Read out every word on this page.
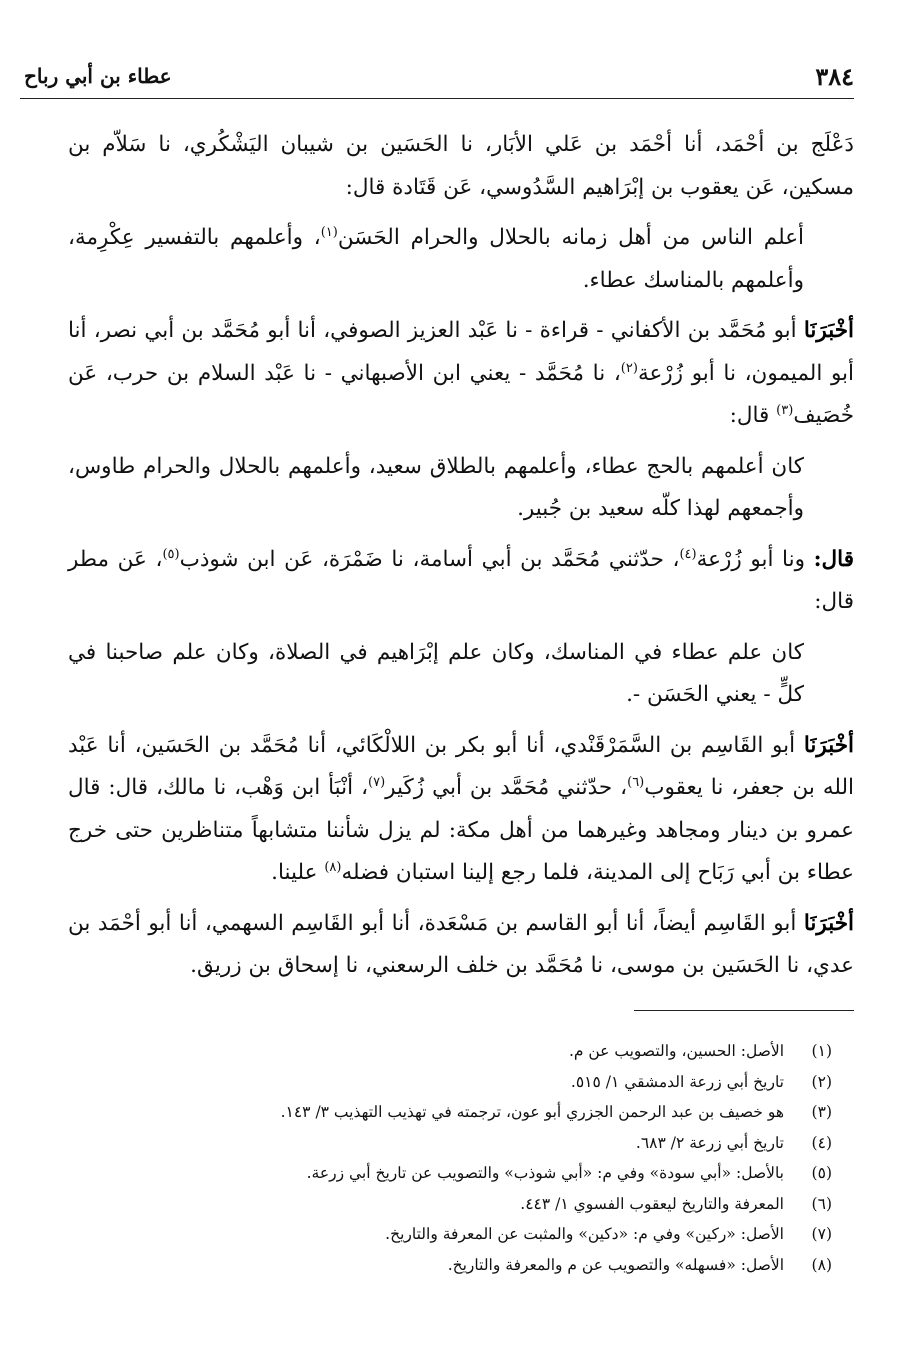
٣٨٤
عطاء بن أبي رباح

دَعْلَج بن أحْمَد، أنا أحْمَد بن عَلي الأبَار، نا الحَسَين بن شيبان اليَشْكُري، نا سَلاّم بن مسكين، عَن يعقوب بن إبْرَاهيم السَّدُوسي، عَن قَتَادة قال:

أعلم الناس من أهل زمانه بالحلال والحرام الحَسَن$^{(١)}$، وأعلمهم بالتفسير عِكْرِمة، وأعلمهم بالمناسك عطاء.

أخْبَرَنَا أبو مُحَمَّد بن الأكفاني - قراءة - نا عَبْد العزيز الصوفي، أنا أبو مُحَمَّد بن أبي نصر، أنا أبو الميمون، نا أبو زُرْعة$^{(٢)}$، نا مُحَمَّد - يعني ابن الأصبهاني - نا عَبْد السلام بن حرب، عَن خُصَيف$^{(٣)}$ قال:

كان أعلمهم بالحج عطاء، وأعلمهم بالطلاق سعيد، وأعلمهم بالحلال والحرام طاوس، وأجمعهم لهذا كلّه سعيد بن جُبير.

قال: ونا أبو زُرْعة$^{(٤)}$، حدّثني مُحَمَّد بن أبي أسامة، نا ضَمْرَة، عَن ابن شوذب$^{(٥)}$، عَن مطر قال:

كان علم عطاء في المناسك، وكان علم إبْرَاهيم في الصلاة، وكان علم صاحبنا في كلٍّ - يعني الحَسَن -.

أخْبَرَنَا أبو القَاسِم بن السَّمَرْقَنْدي، أنا أبو بكر بن اللالْكَائي، أنا مُحَمَّد بن الحَسَين، أنا عَبْد الله بن جعفر، نا يعقوب$^{(٦)}$، حدّثني مُحَمَّد بن أبي زُكَير$^{(٧)}$، أنْبَأ ابن وَهْب، نا مالك، قال: قال عمرو بن دينار ومجاهد وغيرهما من أهل مكة: لم يزل شأننا متشابهاً متناظرين حتى خرج عطاء بن أبي رَبَاح إلى المدينة، فلما رجع إلينا استبان فضله$^{(٨)}$ علينا.

أخْبَرَنَا أبو القَاسِم أيضاً، أنا أبو القاسم بن مَسْعَدة، أنا أبو القَاسِم السهمي، أنا أبو أحْمَد بن عدي، نا الحَسَين بن موسى، نا مُحَمَّد بن خلف الرسعني، نا إسحاق بن زريق.

(١)
الأصل: الحسين، والتصويب عن م.
(٢)
تاريخ أبي زرعة الدمشقي ١/ ٥١٥.
(٣)
هو خصيف بن عبد الرحمن الجزري أبو عون، ترجمته في تهذيب التهذيب ٣/ ١٤٣.
(٤)
تاريخ أبي زرعة ٢/ ٦٨٣.
(٥)
بالأصل: «أبي سودة» وفي م: «أبي شوذب» والتصويب عن تاريخ أبي زرعة.
(٦)
المعرفة والتاريخ ليعقوب الفسوي ١/ ٤٤٣.
(٧)
الأصل: «ركين» وفي م: «دكين» والمثبت عن المعرفة والتاريخ.
(٨)
الأصل: «فسهله» والتصويب عن م والمعرفة والتاريخ.
